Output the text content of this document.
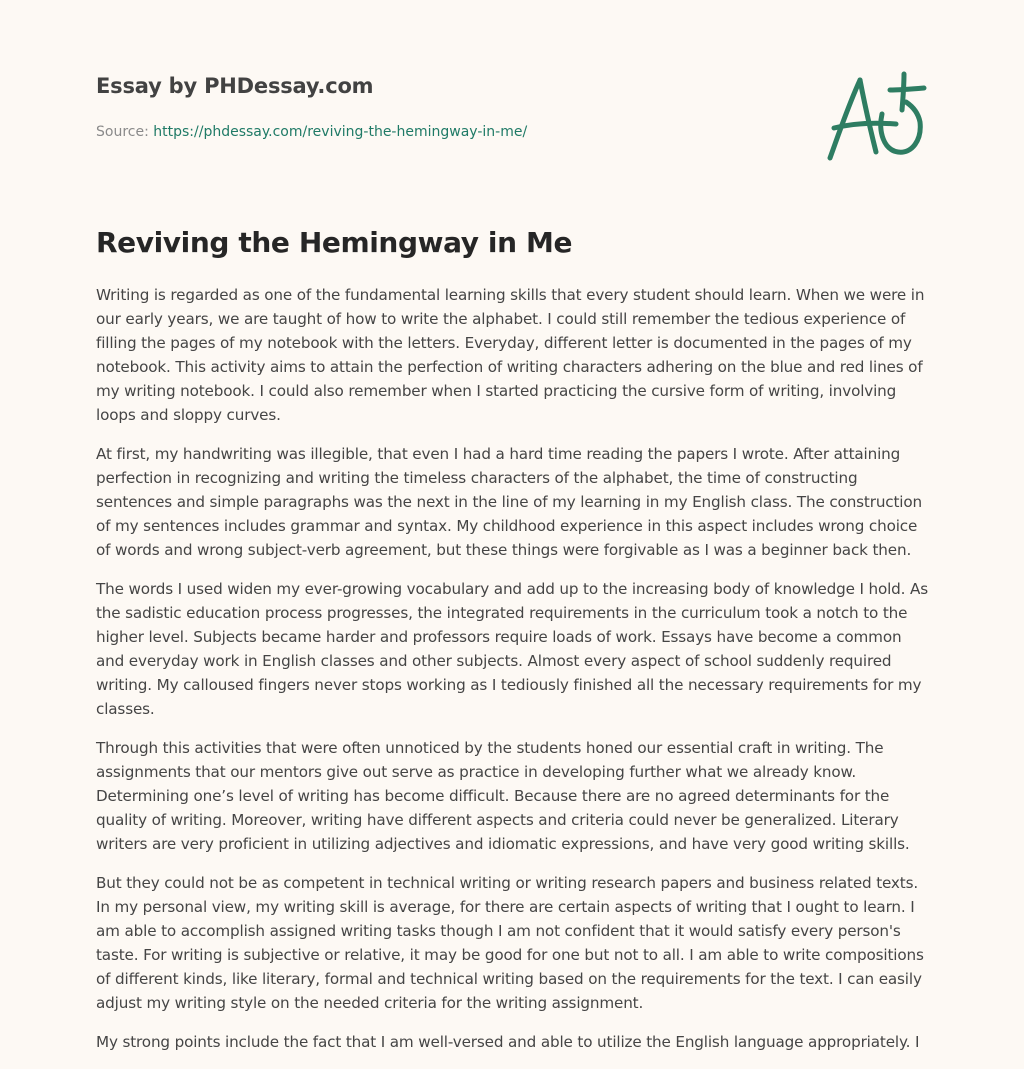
Essay by PHDessay.com
Source: https://phdessay.com/reviving-the-hemingway-in-me/
Reviving the Hemingway in Me

Writing is regarded as one of the fundamental learning skills that every student should learn. When we were in our early years, we are taught of how to write the alphabet. I could still remember the tedious experience of filling the pages of my notebook with the letters. Everyday, different letter is documented in the pages of my notebook. This activity aims to attain the perfection of writing characters adhering on the blue and red lines of my writing notebook. I could also remember when I started practicing the cursive form of writing, involving loops and sloppy curves.

At first, my handwriting was illegible, that even I had a hard time reading the papers I wrote. After attaining perfection in recognizing and writing the timeless characters of the alphabet, the time of constructing sentences and simple paragraphs was the next in the line of my learning in my English class. The construction of my sentences includes grammar and syntax. My childhood experience in this aspect includes wrong choice of words and wrong subject-verb agreement, but these things were forgivable as I was a beginner back then.

The words I used widen my ever-growing vocabulary and add up to the increasing body of knowledge I hold. As the sadistic education process progresses, the integrated requirements in the curriculum took a notch to the higher level. Subjects became harder and professors require loads of work. Essays have become a common and everyday work in English classes and other subjects. Almost every aspect of school suddenly required writing. My calloused fingers never stops working as I tediously finished all the necessary requirements for my classes.

Through this activities that were often unnoticed by the students honed our essential craft in writing. The assignments that our mentors give out serve as practice in developing further what we already know. Determining one’s level of writing has become difficult. Because there are no agreed determinants for the quality of writing. Moreover, writing have different aspects and criteria could never be generalized. Literary writers are very proficient in utilizing adjectives and idiomatic expressions, and have very good writing skills.

But they could not be as competent in technical writing or writing research papers and business related texts. In my personal view, my writing skill is average, for there are certain aspects of writing that I ought to learn. I am able to accomplish assigned writing tasks though I am not confident that it would satisfy every person's taste. For writing is subjective or relative, it may be good for one but not to all. I am able to write compositions of different kinds, like literary, formal and technical writing based on the requirements for the text. I can easily adjust my writing style on the needed criteria for the writing assignment.

My strong points include the fact that I am well-versed and able to utilize the English language appropriately. I
